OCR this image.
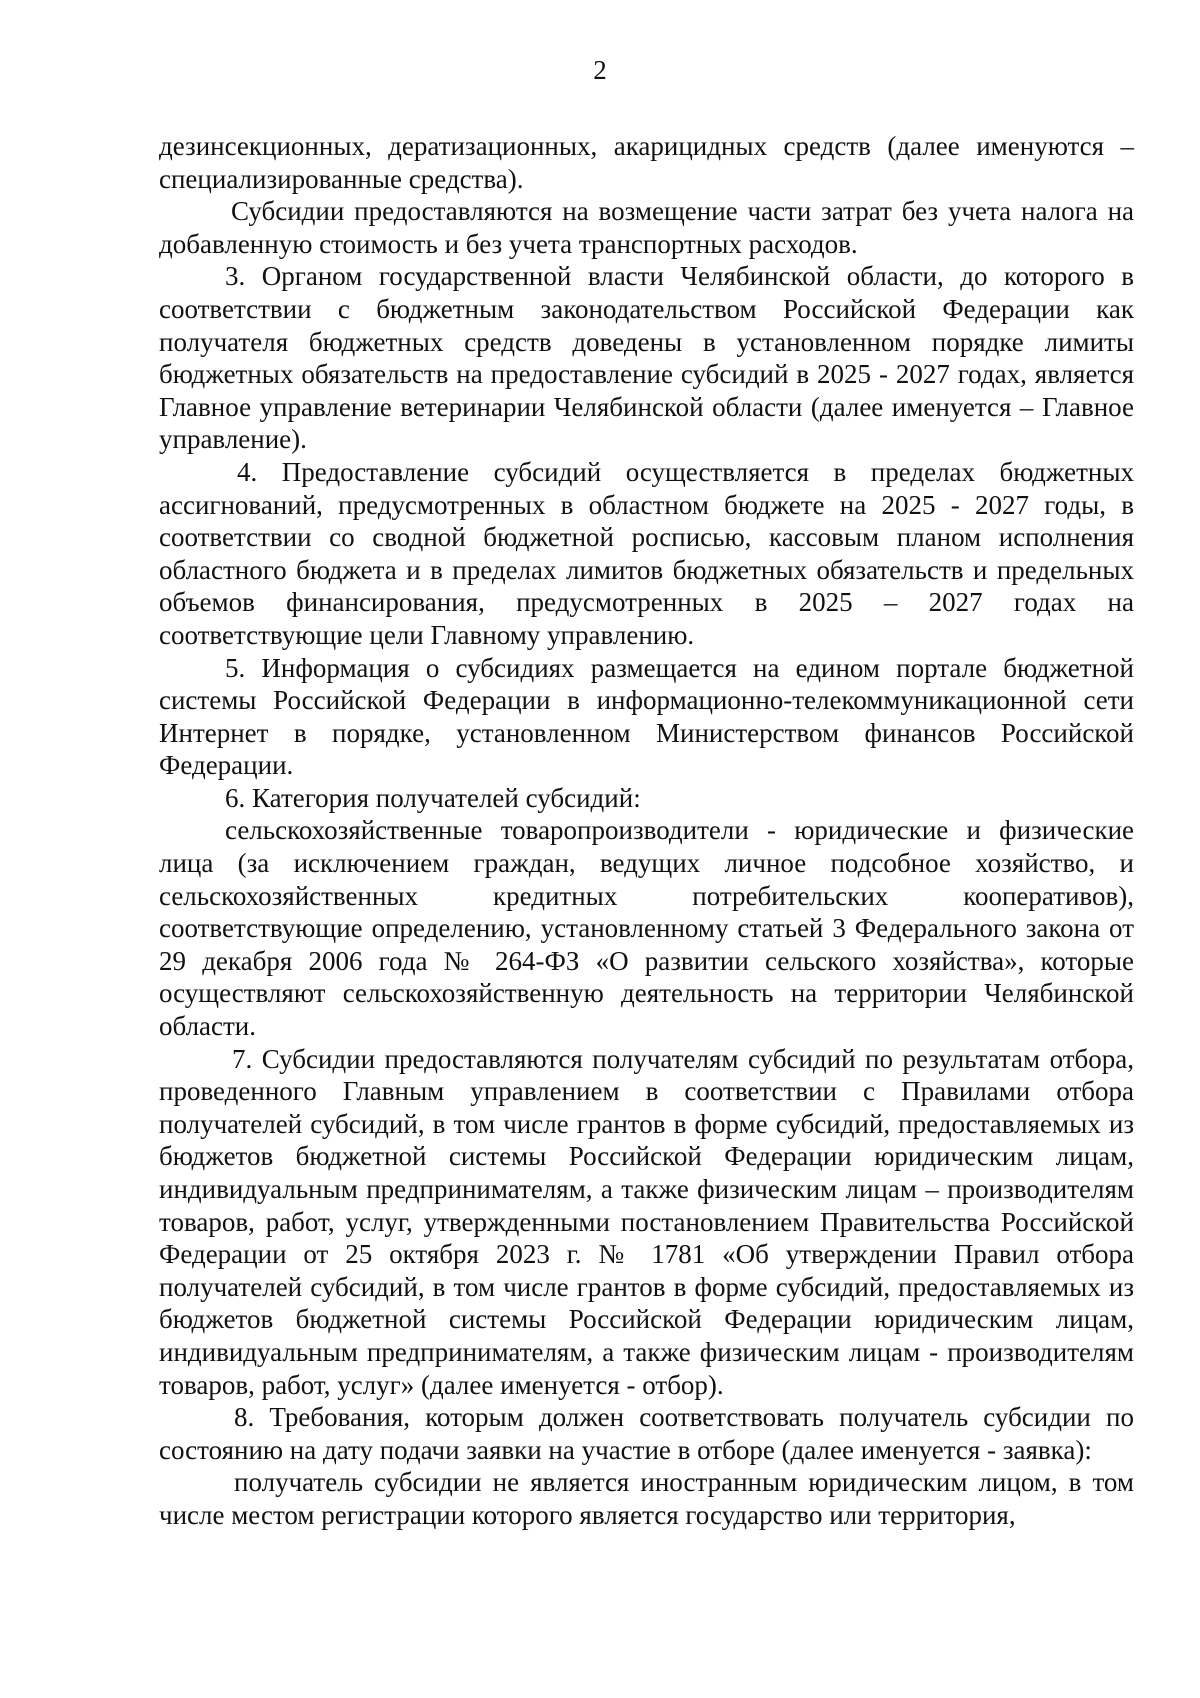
2

дезинсекционных, дератизационных, акарицидных средств (далее именуются – специализированные средства).

Субсидии предоставляются на возмещение части затрат без учета налога на добавленную стоимость и без учета транспортных расходов.

3. Органом государственной власти Челябинской области, до которого в соответствии с бюджетным законодательством Российской Федерации как получателя бюджетных средств доведены в установленном порядке лимиты бюджетных обязательств на предоставление субсидий в 2025 - 2027 годах, является Главное управление ветеринарии Челябинской области (далее именуется – Главное управление).

4. Предоставление субсидий осуществляется в пределах бюджетных ассигнований, предусмотренных в областном бюджете на 2025 - 2027 годы, в соответствии со сводной бюджетной росписью, кассовым планом исполнения областного бюджета и в пределах лимитов бюджетных обязательств и предельных объемов финансирования, предусмотренных в 2025 – 2027 годах на соответствующие цели Главному управлению.

5. Информация о субсидиях размещается на едином портале бюджетной системы Российской Федерации в информационно-телекоммуникационной сети Интернет в порядке, установленном Министерством финансов Российской Федерации.

6. Категория получателей субсидий:

сельскохозяйственные товаропроизводители - юридические и физические лица (за исключением граждан, ведущих личное подсобное хозяйство, и сельскохозяйственных кредитных потребительских кооперативов), соответствующие определению, установленному статьей 3 Федерального закона от 29 декабря 2006 года № 264-ФЗ «О развитии сельского хозяйства», которые осуществляют сельскохозяйственную деятельность на территории Челябинской области.

7. Субсидии предоставляются получателям субсидий по результатам отбора, проведенного Главным управлением в соответствии с Правилами отбора получателей субсидий, в том числе грантов в форме субсидий, предоставляемых из бюджетов бюджетной системы Российской Федерации юридическим лицам, индивидуальным предпринимателям, а также физическим лицам – производителям товаров, работ, услуг, утвержденными постановлением Правительства Российской Федерации от 25 октября 2023 г. № 1781 «Об утверждении Правил отбора получателей субсидий, в том числе грантов в форме субсидий, предоставляемых из бюджетов бюджетной системы Российской Федерации юридическим лицам, индивидуальным предпринимателям, а также физическим лицам - производителям товаров, работ, услуг» (далее именуется - отбор).

8. Требования, которым должен соответствовать получатель субсидии по состоянию на дату подачи заявки на участие в отборе (далее именуется - заявка):

получатель субсидии не является иностранным юридическим лицом, в том числе местом регистрации которого является государство или территория,
